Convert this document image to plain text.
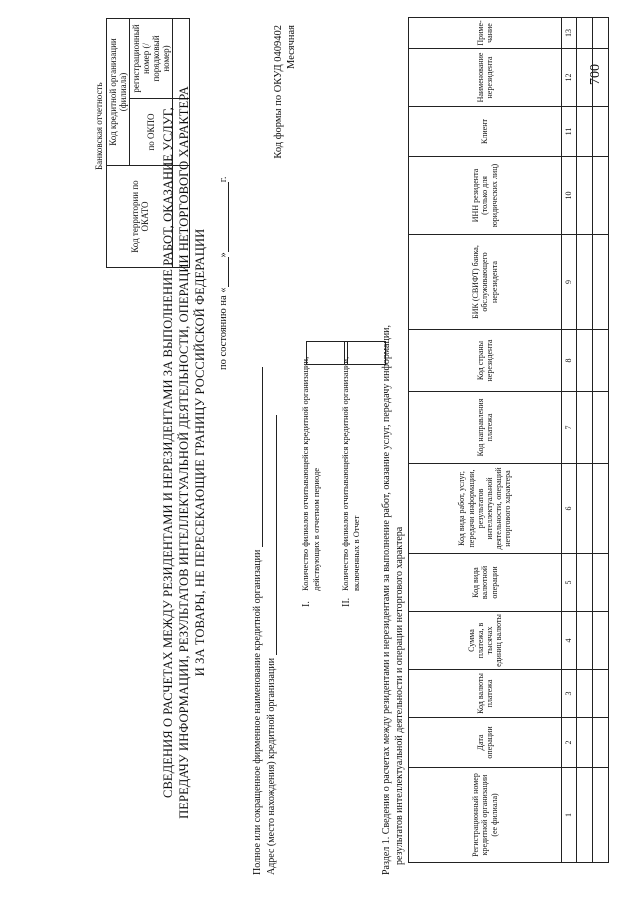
700
Банковская отчетность
Код территории по ОКАТО	Код кредитной организации (филиала)	
	по ОКПО	регистрационный номер (/порядковый номер)

СВЕДЕНИЯ О РАСЧЕТАХ МЕЖДУ РЕЗИДЕНТАМИ И НЕРЕЗИДЕНТАМИ ЗА ВЫПОЛНЕНИЕ РАБОТ, ОКАЗАНИЕ УСЛУГ, ПЕРЕДАЧУ ИНФОРМАЦИИ, РЕЗУЛЬТАТОВ ИНТЕЛЛЕКТУАЛЬНОЙ ДЕЯТЕЛЬНОСТИ, ОПЕРАЦИИ НЕТОРГОВОГО ХАРАКТЕРА И ЗА ТОВАРЫ, НЕ ПЕРЕСЕКАЮЩИЕ ГРАНИЦУ РОССИЙСКОЙ ФЕДЕРАЦИИ по состоянию на «»г.
Код формы по ОКУД 0409402 Месячная
Полное или сокращенное фирменное наименование кредитной организации Адрес (место нахождения) кредитной организации
I.
Количество филиалов отчитывающейся кредитной организации, действующих в отчетном периоде
II.
Количество филиалов отчитывающейся кредитной организации, включенных в Отчет Раздел 1. Сведения о расчетах между резидентами и нерезидентами за выполнение работ, оказание услуг, передачу информации, результатов интеллектуальной деятельности и операции неторгового характера	Регистрационный номер кредитной организации (ее филиала)	Дата операции	Код валюты платежа	Сумма платежа, в тысячах единиц валюты	Код вида валютной операции	Код вида работ, услуг, передачи информации, результатов интеллектуальной деятельности, операций неторгового характера	Код направления платежа	Код страны нерезидента	БИК (СВИФТ) банка, обслуживающего нерезидента	ИНН резидента (только для юридических лиц)	Клиент	Наименование нерезидента	Приме-чание
1	2	3	4	5	6	7	8	9	10	11	12	13
